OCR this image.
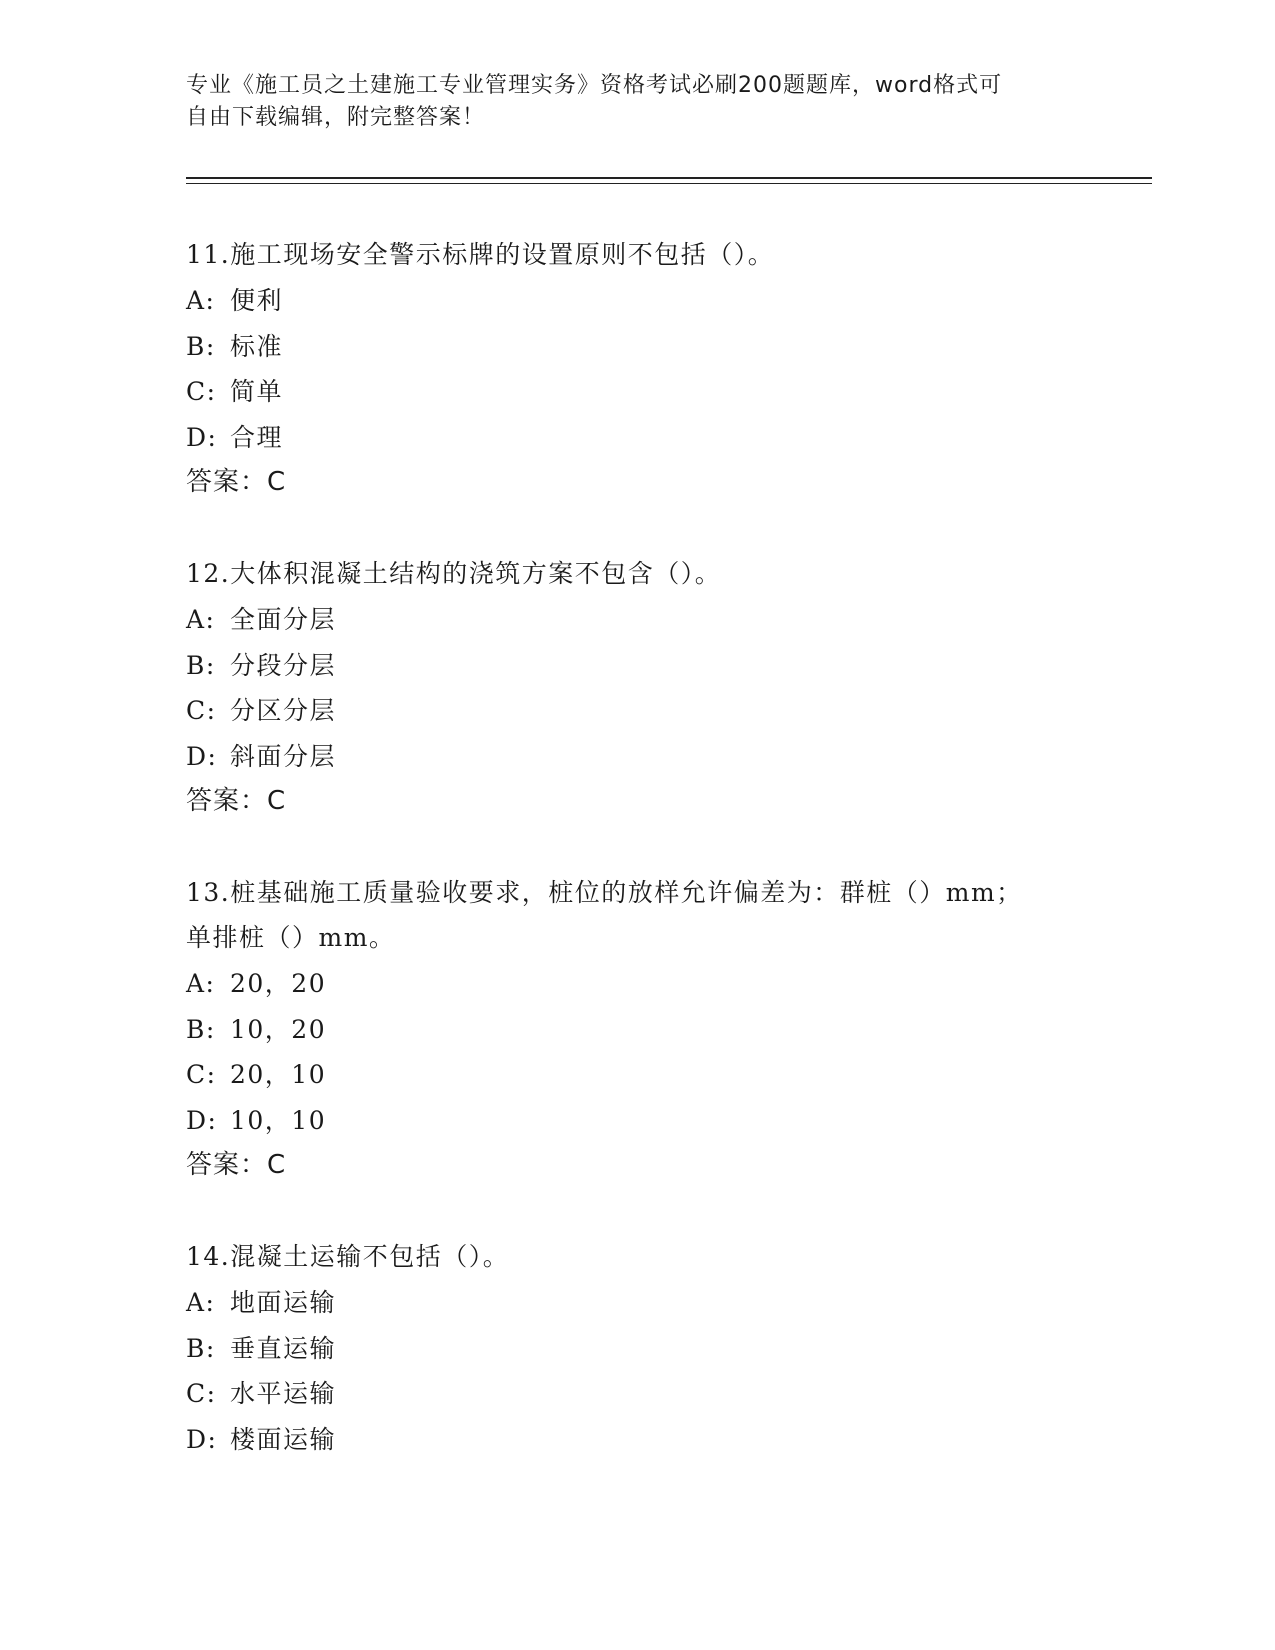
专业《施工员之土建施工专业管理实务》资格考试必刷200题题库，word格式可
自由下载编辑，附完整答案！
11.施工现场安全警示标牌的设置原则不包括（）。
A: 便利
B: 标准
C: 简单
D: 合理
答案：C
12.大体积混凝土结构的浇筑方案不包含（）。
A: 全面分层
B: 分段分层
C: 分区分层
D: 斜面分层
答案：C
13.桩基础施工质量验收要求，桩位的放样允许偏差为：群桩（）mm；
单排桩（）mm。
A: 20，20
B: 10，20
C: 20，10
D: 10，10
答案：C
14.混凝土运输不包括（）。
A: 地面运输
B: 垂直运输
C: 水平运输
D: 楼面运输
